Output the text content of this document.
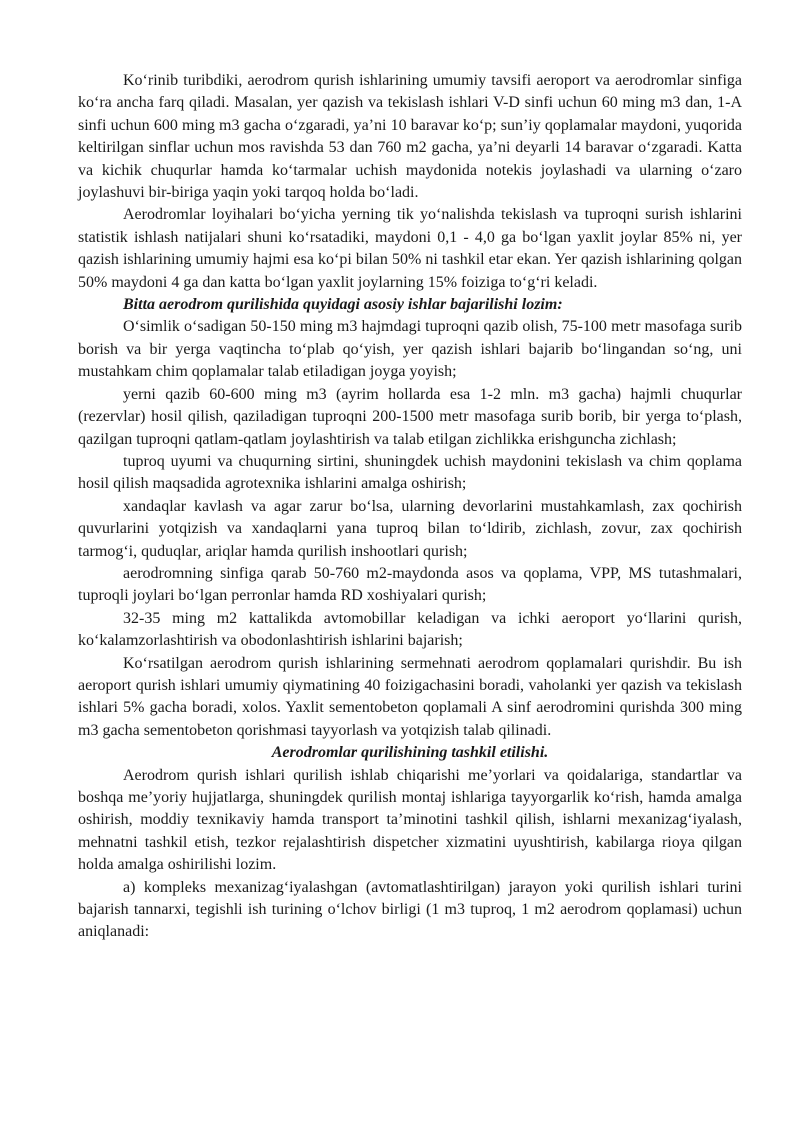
Ko‘rinib turibdiki, aerodrom qurish ishlarining umumiy tavsifi aeroport va aerodromlar sinfiga ko‘ra ancha farq qiladi. Masalan, yer qazish va tekislash ishlari V-D sinfi uchun 60 ming m3 dan, 1-A sinfi uchun 600 ming m3 gacha o‘zgaradi, ya’ni 10 baravar ko‘p; sun’iy qoplamalar maydoni, yuqorida keltirilgan sinflar uchun mos ravishda 53 dan 760 m2 gacha, ya’ni deyarli 14 baravar o‘zgaradi. Katta va kichik chuqurlar hamda ko‘tarmalar uchish maydonida notekis joylashadi va ularning o‘zaro joylashuvi bir-biriga yaqin yoki tarqoq holda bo‘ladi.

Aerodromlar loyihalari bo‘yicha yerning tik yo‘nalishda tekislash va tuproqni surish ishlarini statistik ishlash natijalari shuni ko‘rsatadiki, maydoni 0,1 - 4,0 ga bo‘lgan yaxlit joylar 85% ni, yer qazish ishlarining umumiy hajmi esa ko‘pi bilan 50% ni tashkil etar ekan. Yer qazish ishlarining qolgan 50% maydoni 4 ga dan katta bo‘lgan yaxlit joylarning 15% foiziga to‘g‘ri keladi.

Bitta aerodrom qurilishida quyidagi asosiy ishlar bajarilishi lozim:

O‘simlik o‘sadigan 50-150 ming m3 hajmdagi tuproqni qazib olish, 75-100 metr masofaga surib borish va bir yerga vaqtincha to‘plab qo‘yish, yer qazish ishlari bajarib bo‘lingandan so‘ng, uni mustahkam chim qoplamalar talab etiladigan joyga yoyish;

yerni qazib 60-600 ming m3 (ayrim hollarda esa 1-2 mln. m3 gacha) hajmli chuqurlar (rezervlar) hosil qilish, qaziladigan tuproqni 200-1500 metr masofaga surib borib, bir yerga to‘plash, qazilgan tuproqni qatlam-qatlam joylashtirish va talab etilgan zichlikka erishguncha zichlash;

tuproq uyumi va chuqurning sirtini, shuningdek uchish maydonini tekislash va chim qoplama hosil qilish maqsadida agrotexnika ishlarini amalga oshirish;

xandaqlar kavlash va agar zarur bo‘lsa, ularning devorlarini mustahkamlash, zax qochirish quvurlarini yotqizish va xandaqlarni yana tuproq bilan to‘ldirib, zichlash, zovur, zax qochirish tarmog‘i, quduqlar, ariqlar hamda qurilish inshootlari qurish;

aerodromning sinfiga qarab 50-760 m2-maydonda asos va qoplama, VPP, MS tutashmalari, tuproqli joylari bo‘lgan perronlar hamda RD xoshiyalari qurish;

32-35 ming m2 kattalikda avtomobillar keladigan va ichki aeroport yo‘llarini qurish, ko‘kalamzorlashtirish va obodonlashtirish ishlarini bajarish;

Ko‘rsatilgan aerodrom qurish ishlarining sermehnati aerodrom qoplamalari qurishdir. Bu ish aeroport qurish ishlari umumiy qiymatining 40 foizigachasini boradi, vaholanki yer qazish va tekislash ishlari 5% gacha boradi, xolos. Yaxlit sementobeton qoplamali A sinf aerodromini qurishda 300 ming m3 gacha sementobeton qorishmasi tayyorlash va yotqizish talab qilinadi.

Aerodromlar qurilishining tashkil etilishi.

Aerodrom qurish ishlari qurilish ishlab chiqarishi me’yorlari va qoidalariga, standartlar va boshqa me’yoriy hujjatlarga, shuningdek qurilish montaj ishlariga tayyorgarlik ko‘rish, hamda amalga oshirish, moddiy texnikaviy hamda transport ta’minotini tashkil qilish, ishlarni mexanizag‘iyalash, mehnatni tashkil etish, tezkor rejalashtirish dispetcher xizmatini uyushtirish, kabilarga rioya qilgan holda amalga oshirilishi lozim.

a) kompleks mexanizag‘iyalashgan (avtomatlashtirilgan) jarayon yoki qurilish ishlari turini bajarish tannarxi, tegishli ish turining o‘lchov birligi (1 m3 tuproq, 1 m2 aerodrom qoplamasi) uchun aniqlanadi:
